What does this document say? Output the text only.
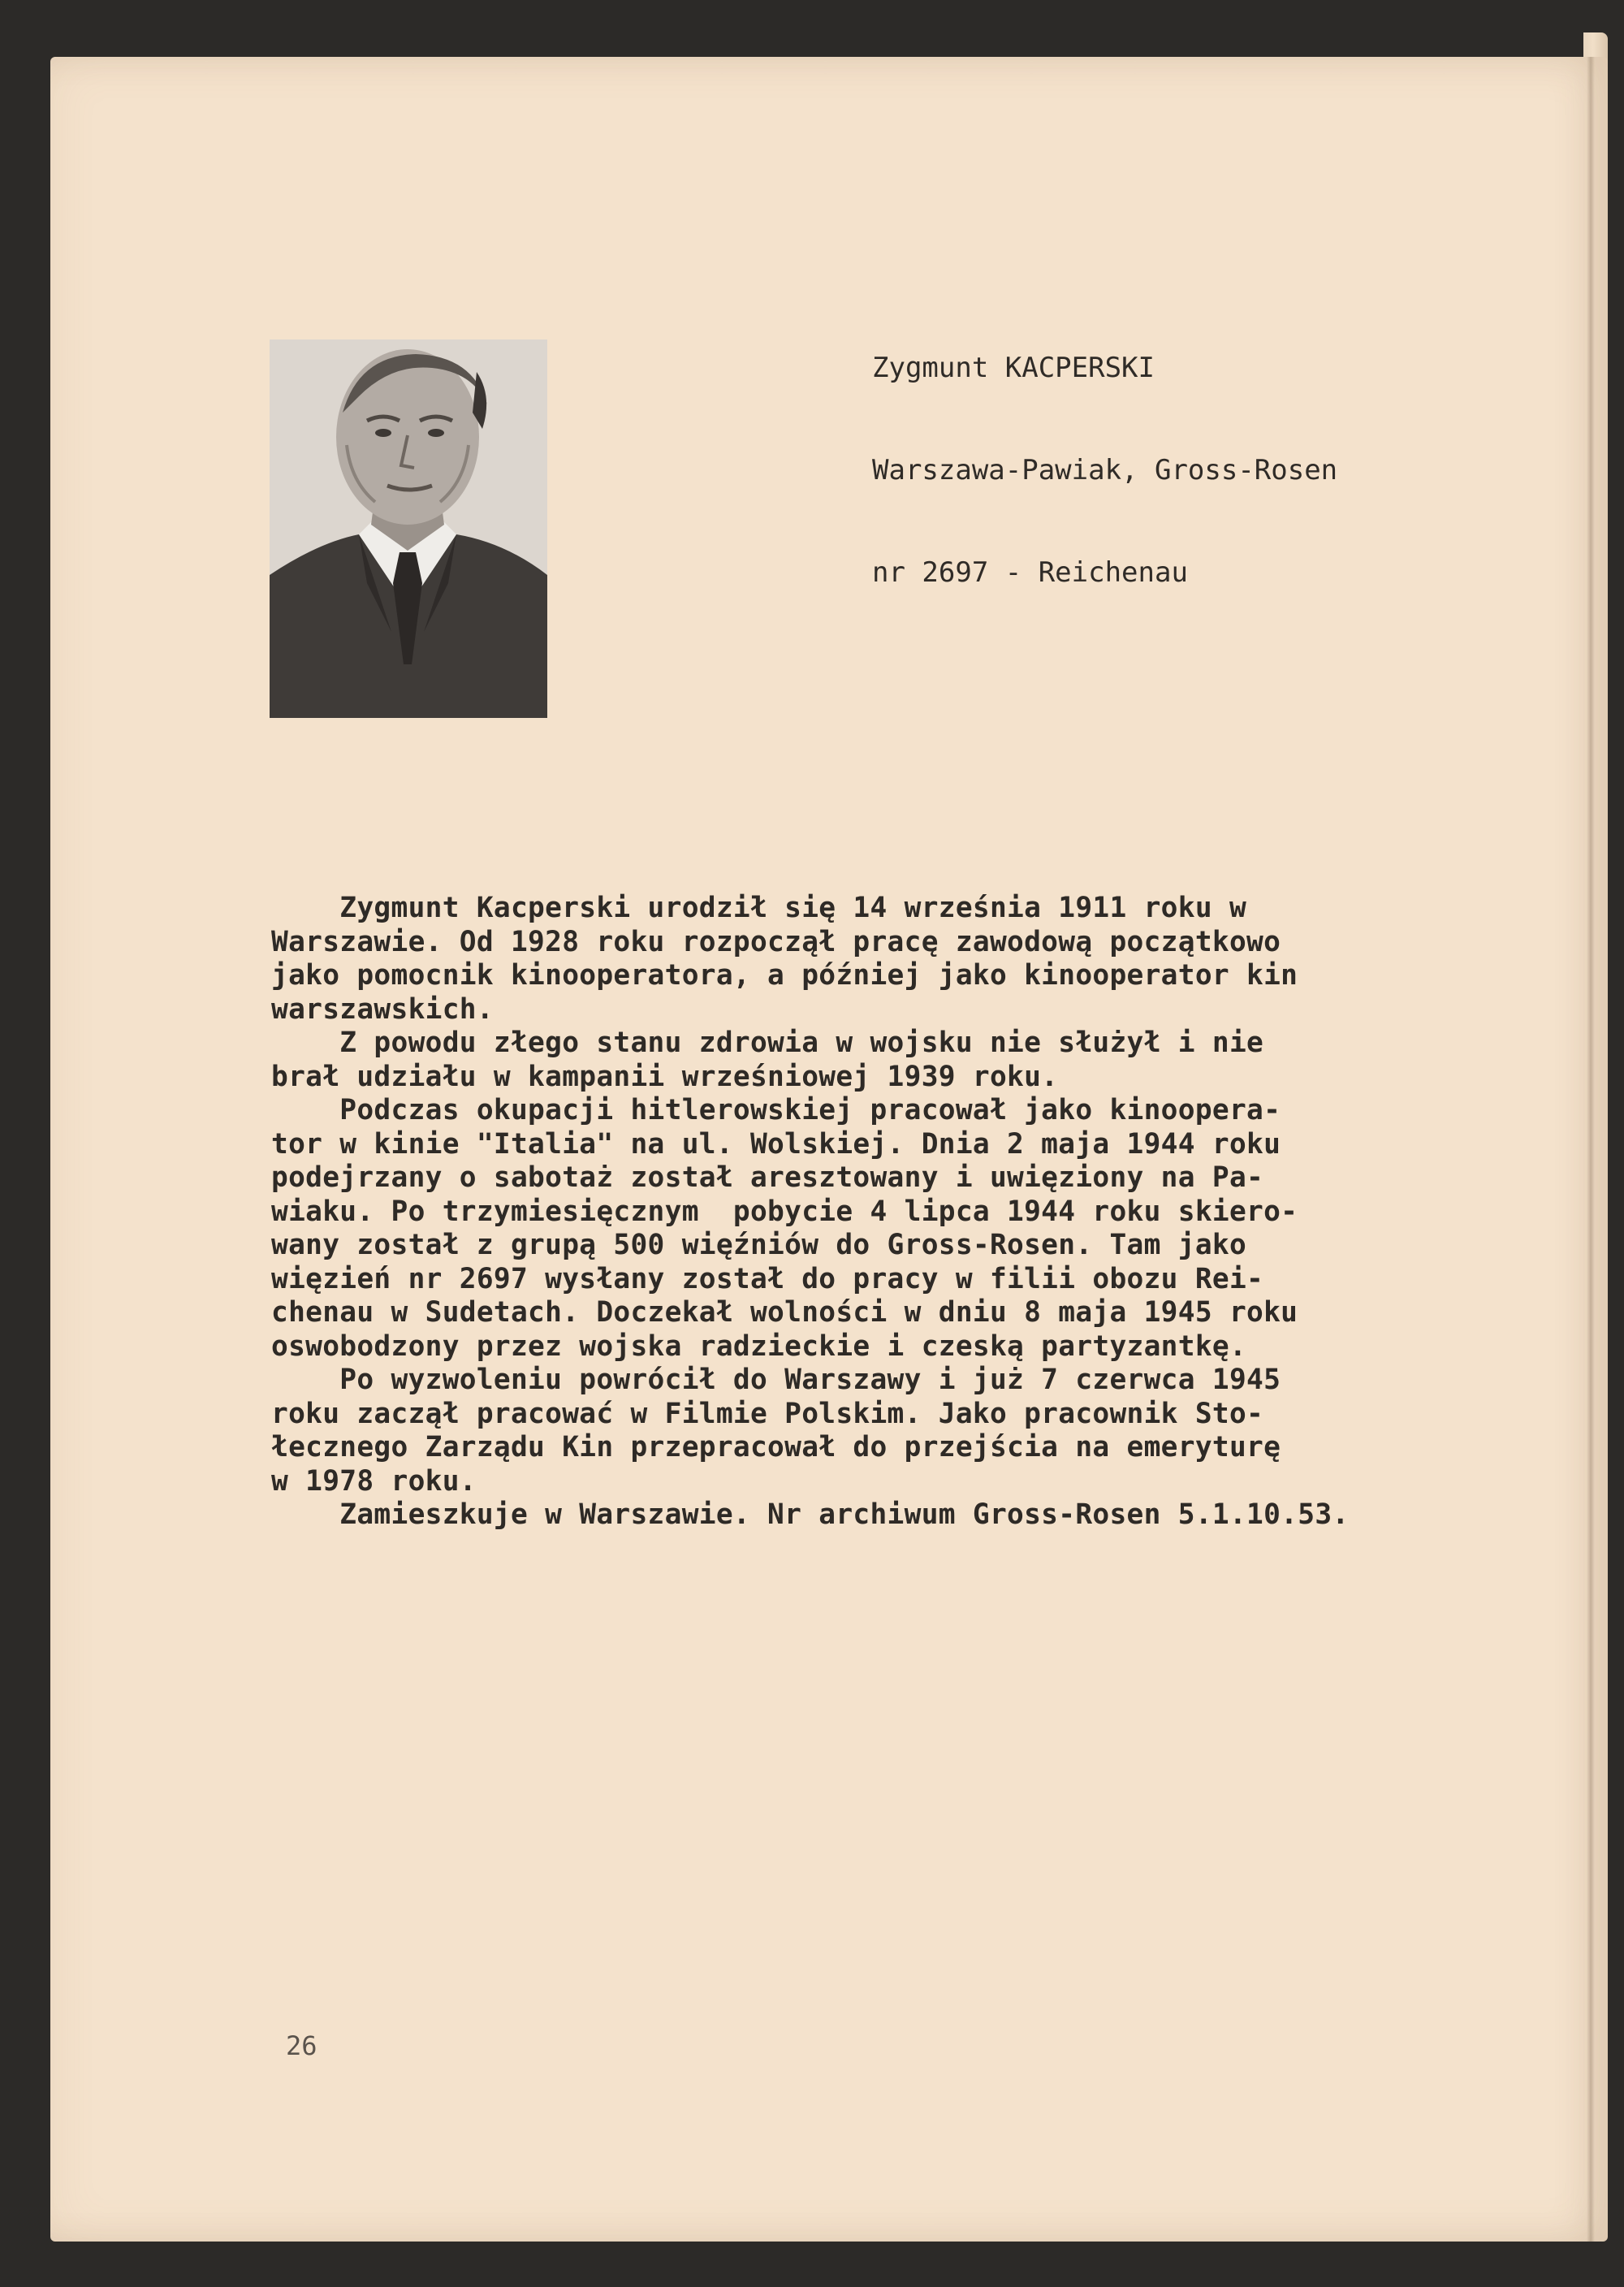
Zygmunt KACPERSKI

Warszawa-Pawiak, Gross-Rosen

nr 2697 - Reichenau

Zygmunt Kacperski urodził się 14 września 1911 roku w
Warszawie. Od 1928 roku rozpoczął pracę zawodową początkowo
jako pomocnik kinooperatora, a później jako kinooperator kin
warszawskich.
Z powodu złego stanu zdrowia w wojsku nie służył i nie
brał udziału w kampanii wrześniowej 1939 roku.
Podczas okupacji hitlerowskiej pracował jako kinoopera-
tor w kinie "Italia" na ul. Wolskiej. Dnia 2 maja 1944 roku
podejrzany o sabotaż został aresztowany i uwięziony na Pa-
wiaku. Po trzymiesięcznym  pobycie 4 lipca 1944 roku skiero-
wany został z grupą 500 więźniów do Gross-Rosen. Tam jako
więzień nr 2697 wysłany został do pracy w filii obozu Rei-
chenau w Sudetach. Doczekał wolności w dniu 8 maja 1945 roku
oswobodzony przez wojska radzieckie i czeską partyzantkę.
Po wyzwoleniu powrócił do Warszawy i już 7 czerwca 1945
roku zaczął pracować w Filmie Polskim. Jako pracownik Sto-
łecznego Zarządu Kin przepracował do przejścia na emeryturę
w 1978 roku.
Zamieszkuje w Warszawie. Nr archiwum Gross-Rosen 5.1.10.53.
26
